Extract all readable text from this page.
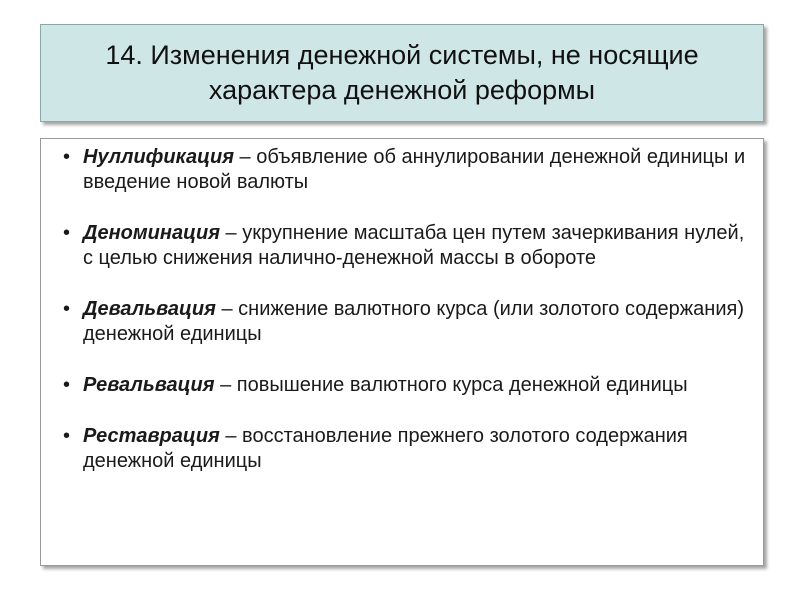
14. Изменения денежной системы, не носящие
характера денежной реформы
• Нуллификация – объявление об аннулировании денежной единицы и введение новой валюты
• Деноминация – укрупнение масштаба цен путем зачеркивания нулей, с целью снижения налично-денежной массы в обороте
• Девальвация – снижение валютного курса (или золотого содержания) денежной единицы
• Ревальвация – повышение валютного курса денежной единицы
• Реставрация – восстановление прежнего золотого содержания денежной единицы
